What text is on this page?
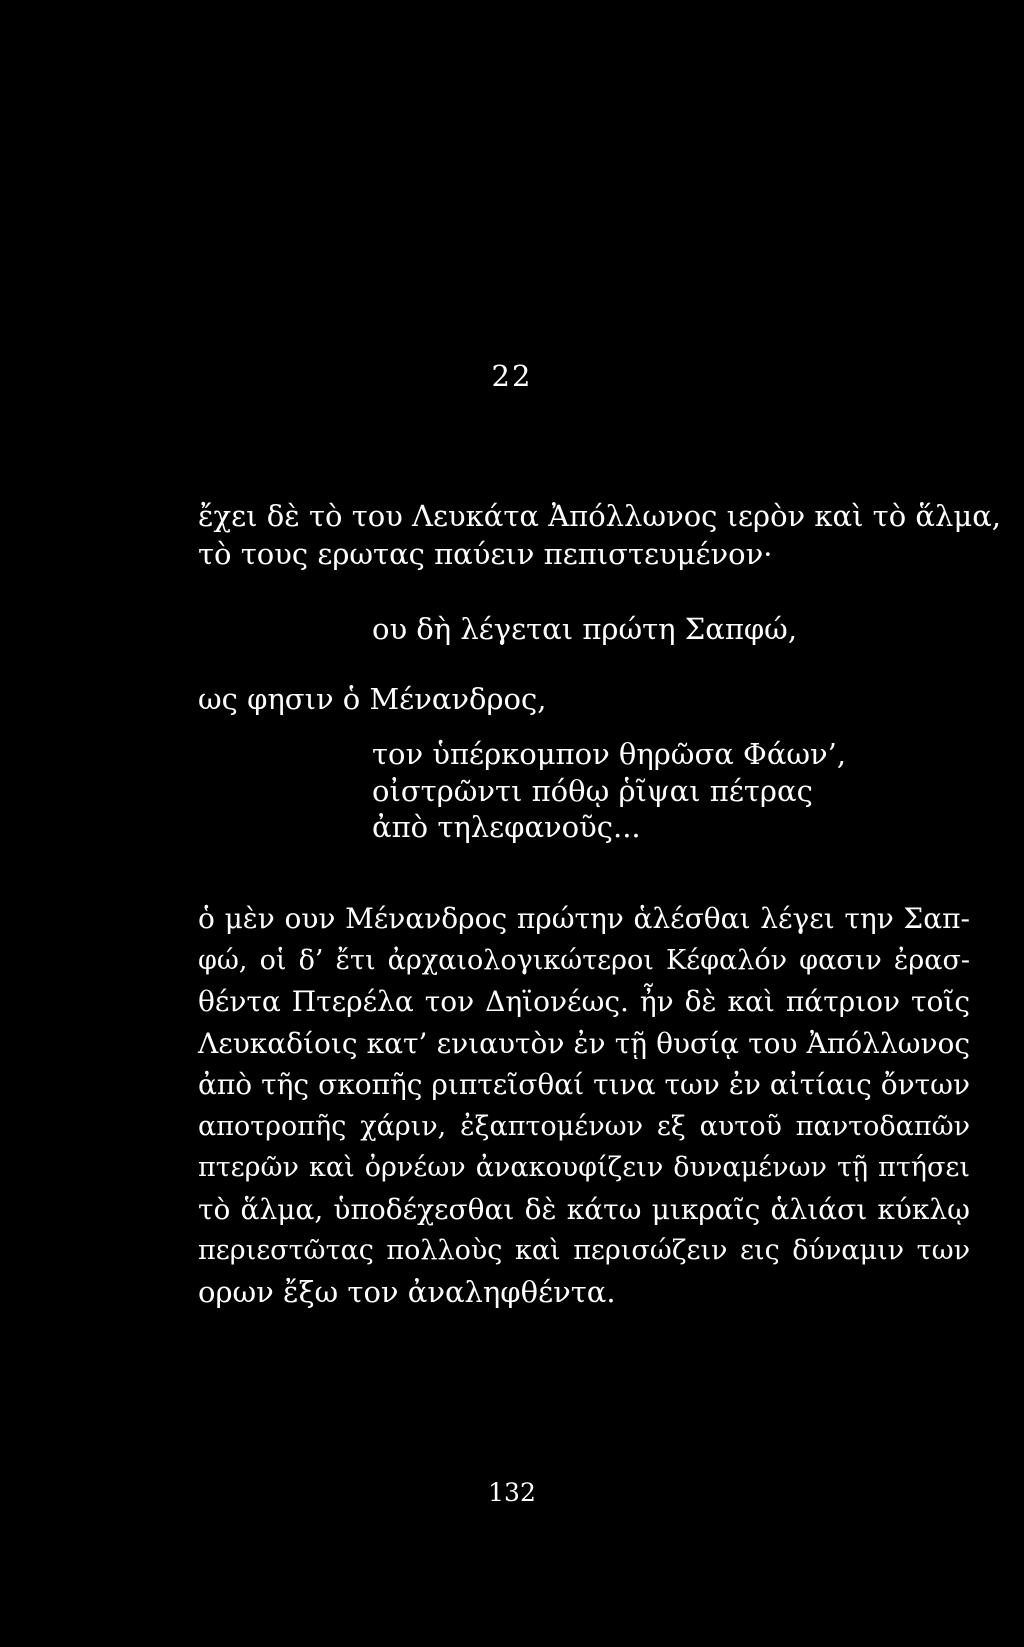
22
ἔχει δὲ τὸ του Λευκάτα Ἀπόλλωνος ιερὸν καὶ τὸ ἅλμα,
τὸ τους ερωτας παύειν πεπιστευμένον·
ου δὴ λέγεται πρώτη Σαπφώ,
ως φησιν ὁ Μένανδρος,
τον ὑπέρκομπον θηρῶσα Φάων’,
οἰστρῶντι πόθῳ ῥῖψαι πέτρας
ἀπὸ τηλεφανοῦς...
ὁ μὲν ουν Μένανδρος πρώτην ἁλέσθαι λέγει την Σαπ-
φώ, οἱ δ’ ἔτι ἀρχαιολογικώτεροι Κέφαλόν φασιν ἐρασ-
θέντα Πτερέλα τον Δηϊονέως. ἦν δὲ καὶ πάτριον τοῖς
Λευκαδίοις κατ’ ενιαυτὸν ἐν τῇ θυσίᾳ του Ἀπόλλωνος
ἀπὸ τῆς σκοπῆς ριπτεῖσθαί τινα των ἐν αἰτίαις ὄντων
αποτροπῆς χάριν, ἐξαπτομένων εξ αυτοῦ παντοδαπῶν
πτερῶν καὶ ὀρνέων ἀνακουφίζειν δυναμένων τῇ πτήσει
τὸ ἅλμα, ὑποδέχεσθαι δὲ κάτω μικραῖς ἁλιάσι κύκλῳ
περιεστῶτας πολλοὺς καὶ περισώζειν εις δύναμιν των
ορων ἔξω τον ἀναληφθέντα.
132
